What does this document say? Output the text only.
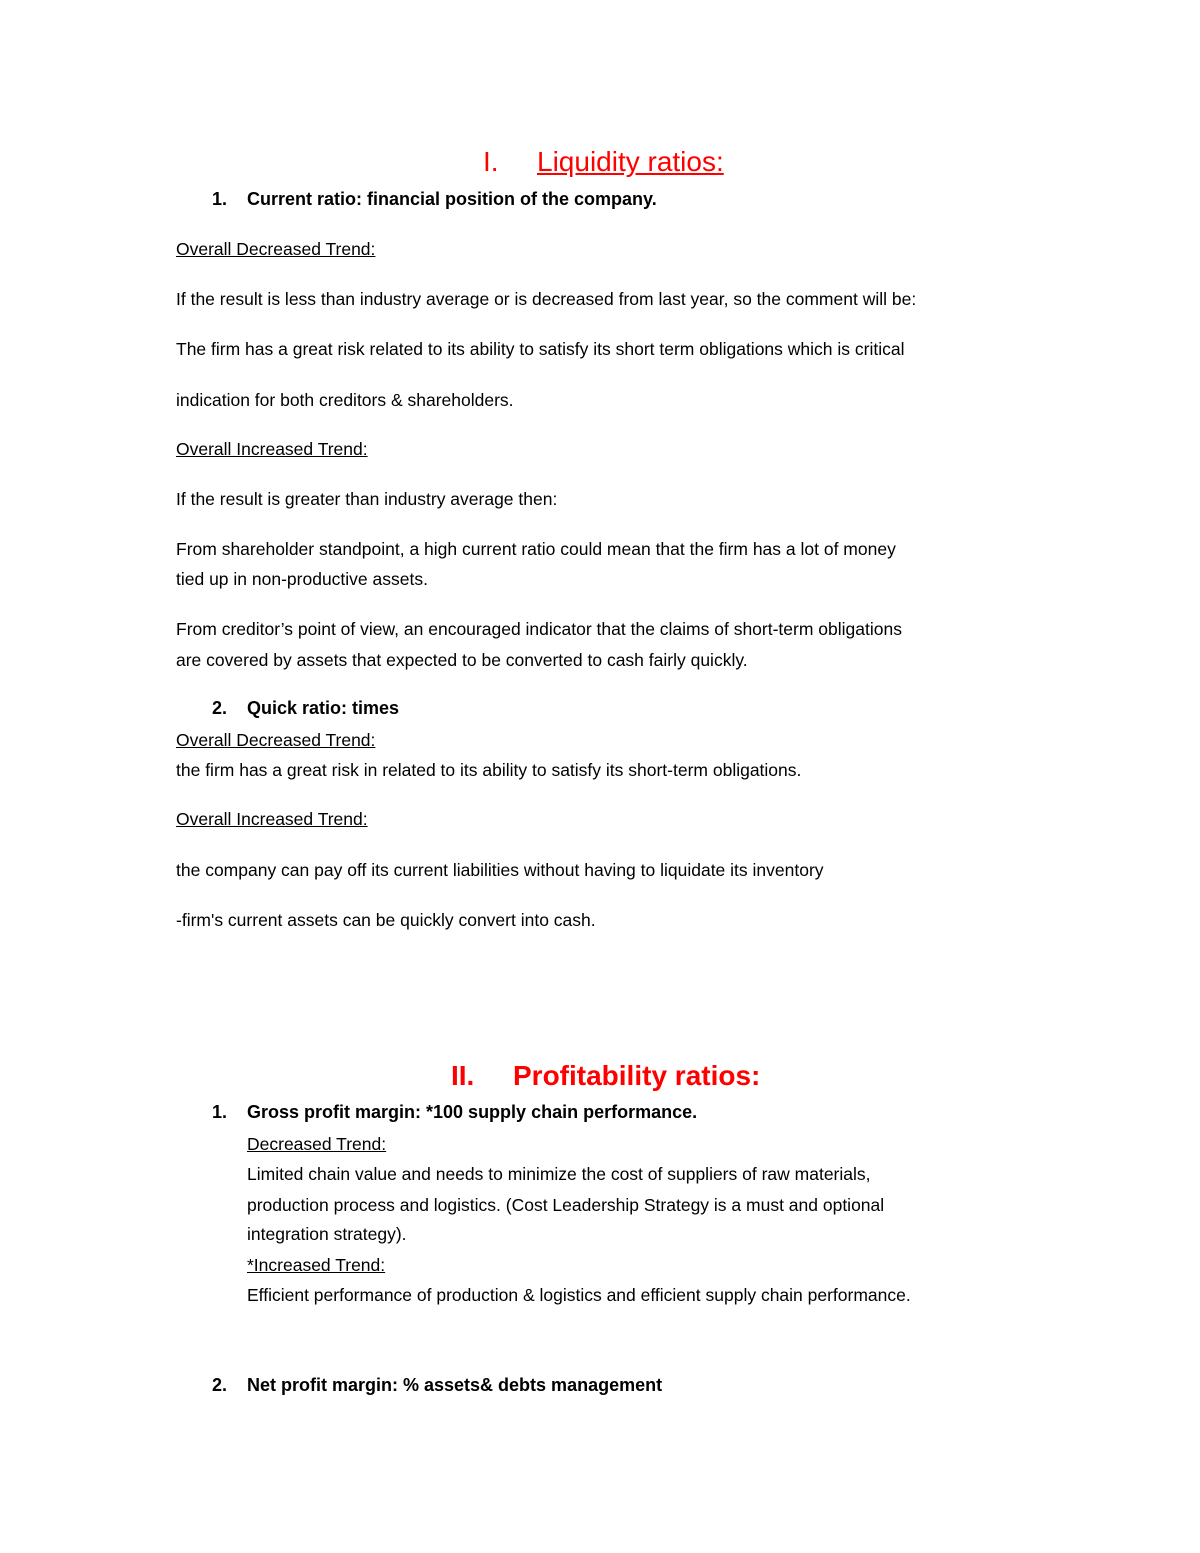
I. Liquidity ratios:
1. Current ratio: financial position of the company.
Overall Decreased Trend:
If the result is less than industry average or is decreased from last year, so the comment will be:
The firm has a great risk related to its ability to satisfy its short term obligations which is critical
indication for both creditors & shareholders.
Overall Increased Trend:
If the result is greater than industry average then:
From shareholder standpoint, a high current ratio could mean that the firm has a lot of money
tied up in non-productive assets.
From creditor’s point of view, an encouraged indicator that the claims of short-term obligations
are covered by assets that expected to be converted to cash fairly quickly.
2. Quick ratio: times
Overall Decreased Trend:
the firm has a great risk in related to its ability to satisfy its short-term obligations.
Overall Increased Trend:
the company can pay off its current liabilities without having to liquidate its inventory
-firm's current assets can be quickly convert into cash.
II. Profitability ratios:
1. Gross profit margin: *100 supply chain performance.
Decreased Trend:
Limited chain value and needs to minimize the cost of suppliers of raw materials,
production process and logistics. (Cost Leadership Strategy is a must and optional
integration strategy).
*Increased Trend:
Efficient performance of production & logistics and efficient supply chain performance.
2. Net profit margin: % assets& debts management
